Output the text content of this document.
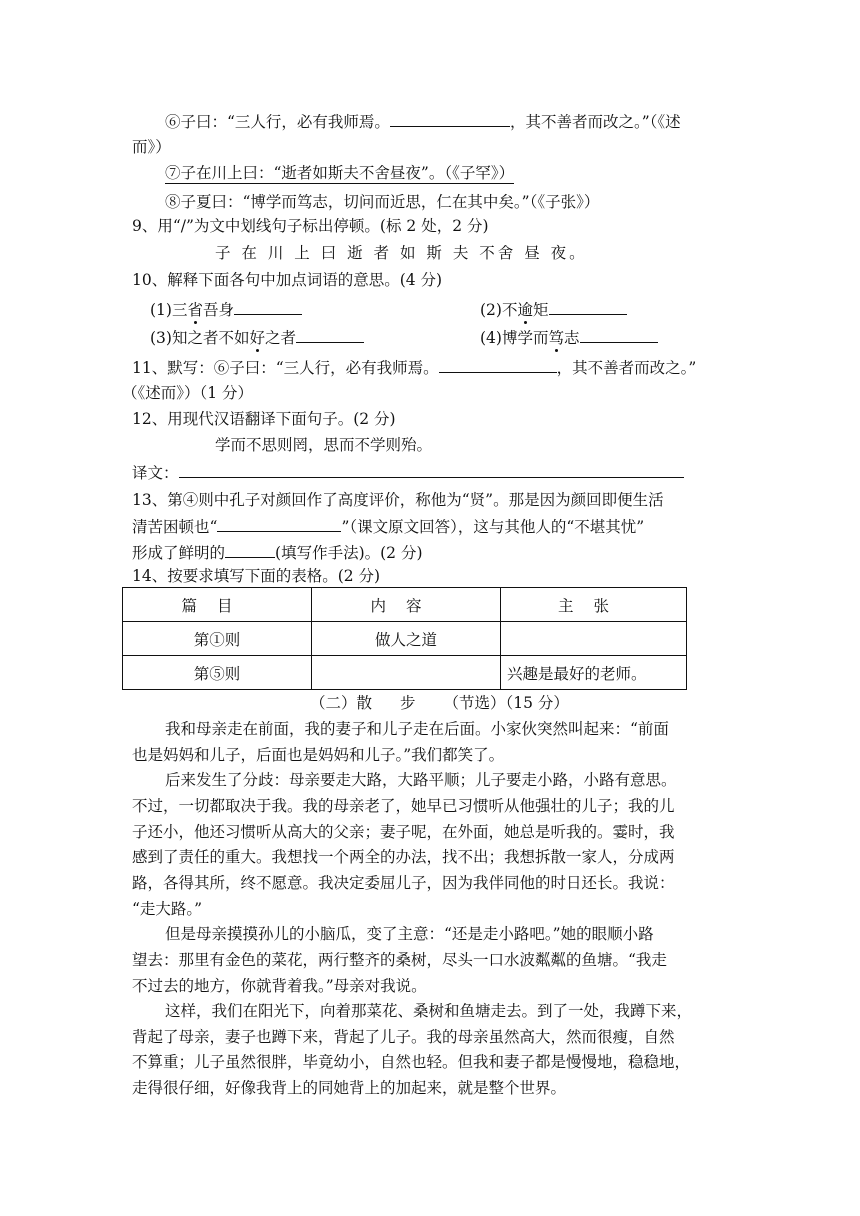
⑥子曰：“三人行，必有我师焉。	，其不善者而改之。”（《述
而》）
⑦子在川上曰：“逝者如斯夫不舍昼夜”。（《子罕》）
⑧子夏曰：“博学而笃志，切问而近思，仁在其中矣。”（《子张》）
9、用“/”为文中划线句子标出停顿。(标 2 处，2 分)
子 在 川 上 曰 逝 者 如 斯 夫 不舍 昼 夜。
10、解释下面各句中加点词语的意思。(4 分)
(1)三省吾身	(2)不逾矩
(3)知之者不如好之者	(4)博学而笃志
11、默写：⑥子曰：“三人行，必有我师焉。	，其不善者而改之。”
（《述而》）（1 分）
12、用现代汉语翻译下面句子。(2 分)
学而不思则罔，思而不学则殆。
译文：
13、第④则中孔子对颜回作了高度评价，称他为“贤”。那是因为颜回即便生活
清苦困顿也“	”（课文原文回答），这与其他人的“不堪其忧”
形成了鲜明的	(填写作手法)。(2 分)
14、按要求填写下面的表格。(2 分)
篇目	内容	主张
第①则	做人之道	
第⑤则		兴趣是最好的老师。
（二）散步（节选）（15 分）
我和母亲走在前面，我的妻子和儿子走在后面。小家伙突然叫起来：“前面
也是妈妈和儿子，后面也是妈妈和儿子。”我们都笑了。
后来发生了分歧：母亲要走大路，大路平顺；儿子要走小路，小路有意思。
不过，一切都取决于我。我的母亲老了，她早已习惯听从他强壮的儿子；我的儿
子还小，他还习惯听从高大的父亲；妻子呢，在外面，她总是听我的。霎时，我
感到了责任的重大。我想找一个两全的办法，找不出；我想拆散一家人，分成两
路，各得其所，终不愿意。我决定委屈儿子，因为我伴同他的时日还长。我说：
“走大路。”
但是母亲摸摸孙儿的小脑瓜，变了主意：“还是走小路吧。”她的眼顺小路
望去：那里有金色的菜花，两行整齐的桑树，尽头一口水波粼粼的鱼塘。“我走
不过去的地方，你就背着我。”母亲对我说。
这样，我们在阳光下，向着那菜花、桑树和鱼塘走去。到了一处，我蹲下来，
背起了母亲，妻子也蹲下来，背起了儿子。我的母亲虽然高大，然而很瘦，自然
不算重；儿子虽然很胖，毕竟幼小，自然也轻。但我和妻子都是慢慢地，稳稳地，
走得很仔细，好像我背上的同她背上的加起来，就是整个世界。
